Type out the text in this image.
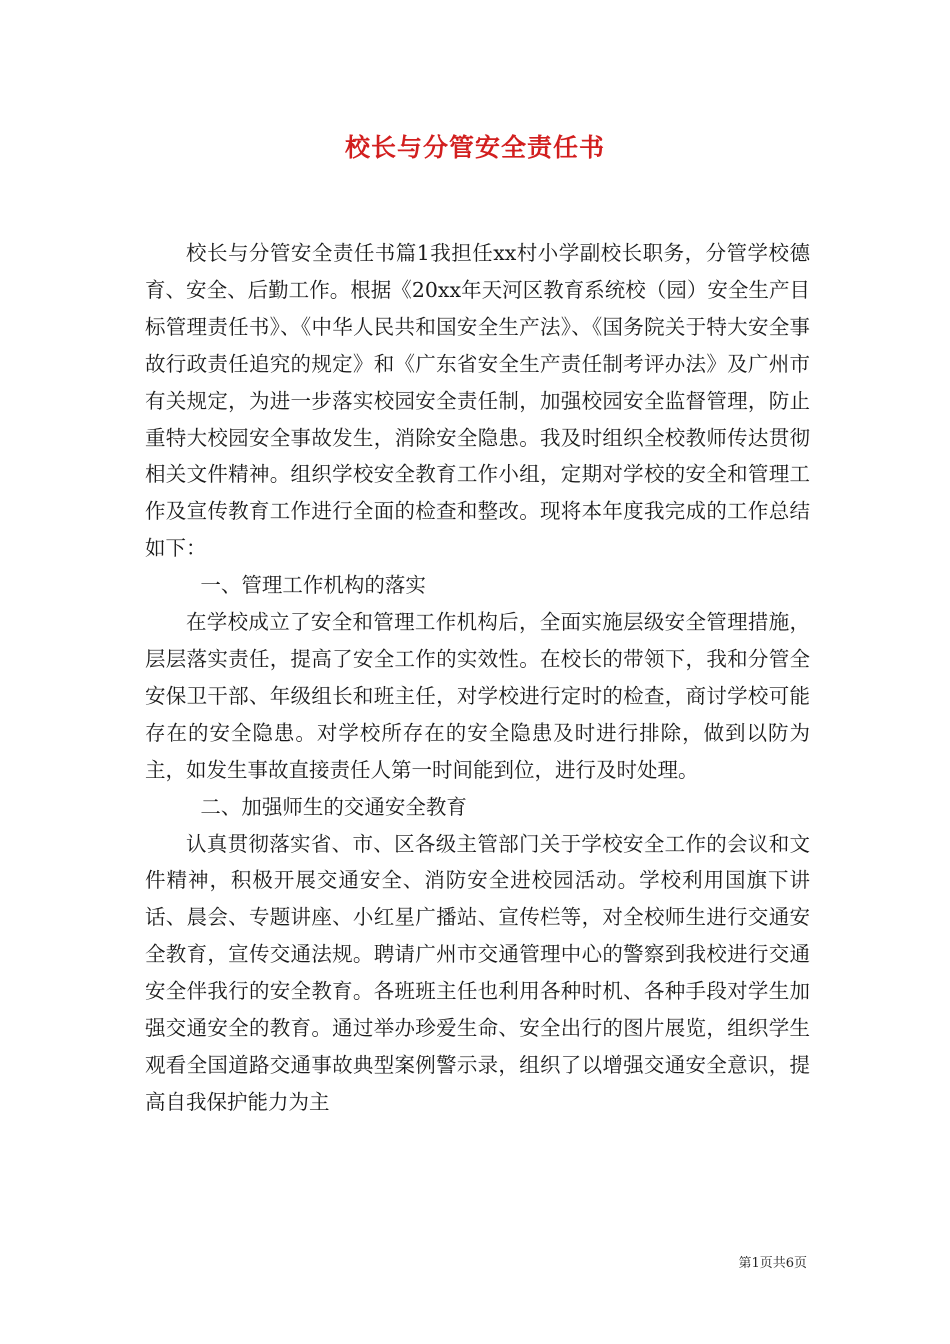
校长与分管安全责任书

校长与分管安全责任书篇1我担任xx村小学副校长职务，分管学校德育、安全、后勤工作。根据《20xx年天河区教育系统校（园）安全生产目标管理责任书》、《中华人民共和国安全生产法》、《国务院关于特大安全事故行政责任追究的规定》和《广东省安全生产责任制考评办法》及广州市有关规定，为进一步落实校园安全责任制，加强校园安全监督管理，防止重特大校园安全事故发生，消除安全隐患。我及时组织全校教师传达贯彻相关文件精神。组织学校安全教育工作小组，定期对学校的安全和管理工作及宣传教育工作进行全面的检查和整改。现将本年度我完成的工作总结如下：

一、管理工作机构的落实

在学校成立了安全和管理工作机构后，全面实施层级安全管理措施，层层落实责任，提高了安全工作的实效性。在校长的带领下，我和分管全安保卫干部、年级组长和班主任，对学校进行定时的检查，商讨学校可能存在的安全隐患。对学校所存在的安全隐患及时进行排除，做到以防为主，如发生事故直接责任人第一时间能到位，进行及时处理。

二、加强师生的交通安全教育

认真贯彻落实省、市、区各级主管部门关于学校安全工作的会议和文件精神，积极开展交通安全、消防安全进校园活动。学校利用国旗下讲话、晨会、专题讲座、小红星广播站、宣传栏等，对全校师生进行交通安全教育，宣传交通法规。聘请广州市交通管理中心的警察到我校进行交通安全伴我行的安全教育。各班班主任也利用各种时机、各种手段对学生加强交通安全的教育。通过举办珍爱生命、安全出行的图片展览，组织学生观看全国道路交通事故典型案例警示录，组织了以增强交通安全意识，提高自我保护能力为主

第1页共6页
